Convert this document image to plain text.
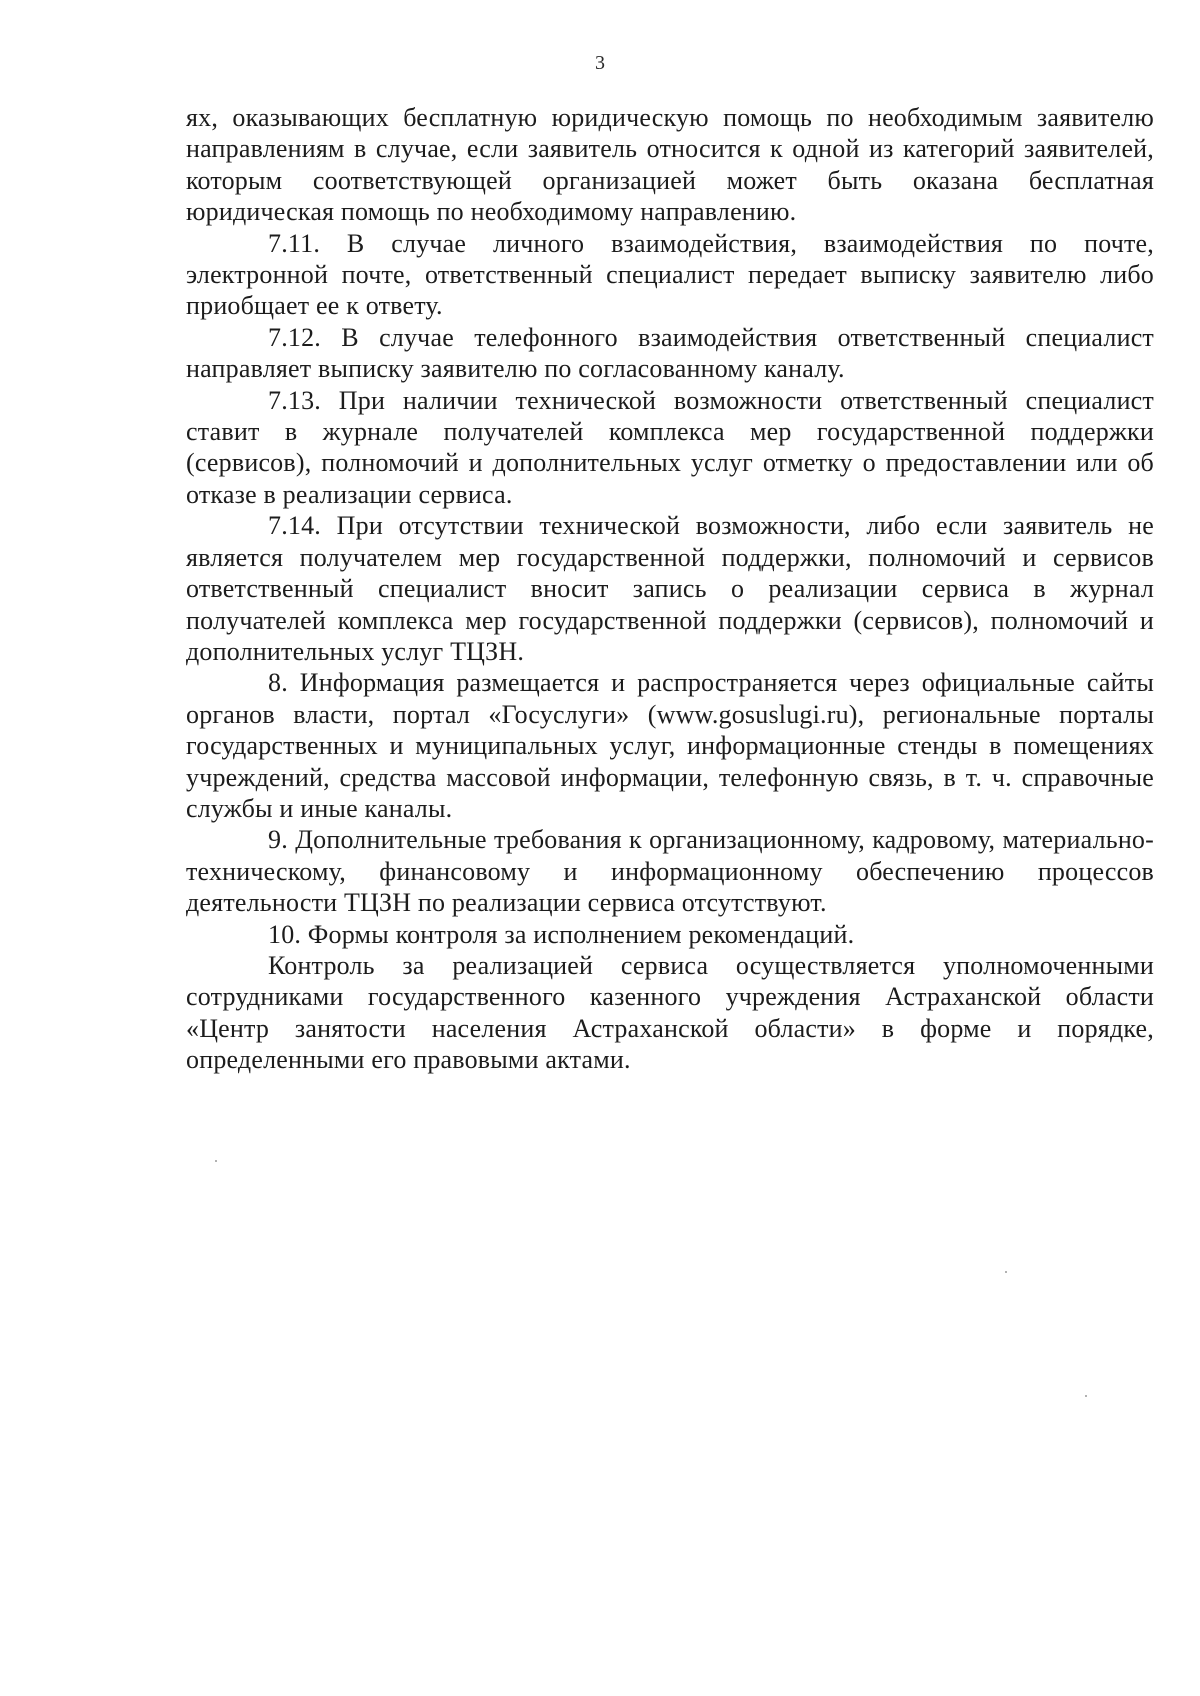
3

ях, оказывающих бесплатную юридическую помощь по необходимым заявителю направлениям в случае, если заявитель относится к одной из категорий заявителей, которым соответствующей организацией может быть оказана бесплатная юридическая помощь по необходимому направлению.

7.11. В случае личного взаимодействия, взаимодействия по почте, электронной почте, ответственный специалист передает выписку заявителю либо приобщает ее к ответу.

7.12. В случае телефонного взаимодействия ответственный специалист направляет выписку заявителю по согласованному каналу.

7.13. При наличии технической возможности ответственный специалист ставит в журнале получателей комплекса мер государственной поддержки (сервисов), полномочий и дополнительных услуг отметку о предоставлении или об отказе в реализации сервиса.

7.14. При отсутствии технической возможности, либо если заявитель не является получателем мер государственной поддержки, полномочий и сервисов ответственный специалист вносит запись о реализации сервиса в журнал получателей комплекса мер государственной поддержки (сервисов), полномочий и дополнительных услуг ТЦЗН.

8. Информация размещается и распространяется через официальные сайты органов власти, портал «Госуслуги» (www.gosuslugi.ru), региональные порталы государственных и муниципальных услуг, информационные стенды в помещениях учреждений, средства массовой информации, телефонную связь, в т. ч. справочные службы и иные каналы.

9. Дополнительные требования к организационному, кадровому, материально-техническому, финансовому и информационному обеспечению процессов деятельности ТЦЗН по реализации сервиса отсутствуют.

10. Формы контроля за исполнением рекомендаций.

Контроль за реализацией сервиса осуществляется уполномоченными сотрудниками государственного казенного учреждения Астраханской области «Центр занятости населения Астраханской области» в форме и порядке, определенными его правовыми актами.
